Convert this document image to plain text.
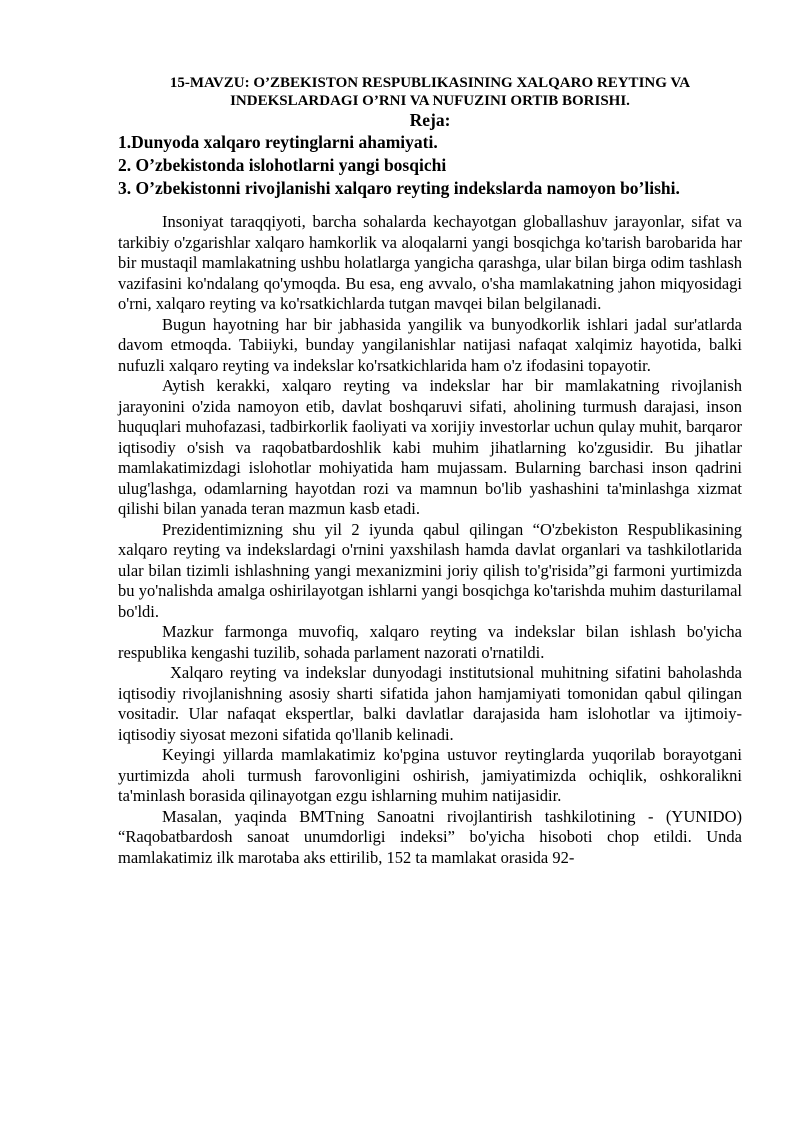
15-MAVZU: O’ZBEKISTON RESPUBLIKASINING XALQARO REYTING VA
INDEKSLARDAGI O’RNI VA NUFUZINI ORTIB BORISHI.

Reja:

1.Dunyoda xalqaro reytinglarni ahamiyati.
2. O’zbekistonda islohotlarni yangi bosqichi
3. O’zbekistonni rivojlanishi xalqaro reyting indekslarda namoyon bo’lishi.

Insoniyat taraqqiyoti, barcha sohalarda kechayotgan globallashuv jarayonlar, sifat va tarkibiy o'zgarishlar xalqaro hamkorlik va aloqalarni yangi bosqichga ko'tarish barobarida har bir mustaqil mamlakatning ushbu holatlarga yangicha qarashga, ular bilan birga odim tashlash vazifasini ko'ndalang qo'ymoqda. Bu esa, eng avvalo, o'sha mamlakatning jahon miqyosidagi o'rni, xalqaro reyting va ko'rsatkichlarda tutgan mavqei bilan belgilanadi.

Bugun hayotning har bir jabhasida yangilik va bunyodkorlik ishlari jadal sur'atlarda davom etmoqda. Tabiiyki, bunday yangilanishlar natijasi nafaqat xalqimiz hayotida, balki nufuzli xalqaro reyting va indekslar ko'rsatkichlarida ham o'z ifodasini topayotir.

Aytish kerakki, xalqaro reyting va indekslar har bir mamlakatning rivojlanish jarayonini o'zida namoyon etib, davlat boshqaruvi sifati, aholining turmush darajasi, inson huquqlari muhofazasi, tadbirkorlik faoliyati va xorijiy investorlar uchun qulay muhit, barqaror iqtisodiy o'sish va raqobatbardoshlik kabi muhim jihatlarning ko'zgusidir. Bu jihatlar mamlakatimizdagi islohotlar mohiyatida ham mujassam. Bularning barchasi inson qadrini ulug'lashga, odamlarning hayotdan rozi va mamnun bo'lib yashashini ta'minlashga xizmat qilishi bilan yanada teran mazmun kasb etadi.

Prezidentimizning shu yil 2 iyunda qabul qilingan “O'zbekiston Respublikasining xalqaro reyting va indekslardagi o'rnini yaxshilash hamda davlat organlari va tashkilotlarida ular bilan tizimli ishlashning yangi mexanizmini joriy qilish to'g'risida”gi farmoni yurtimizda bu yo'nalishda amalga oshirilayotgan ishlarni yangi bosqichga ko'tarishda muhim dasturilamal bo'ldi.

Mazkur farmonga muvofiq, xalqaro reyting va indekslar bilan ishlash bo'yicha respublika kengashi tuzilib, sohada parlament nazorati o'rnatildi.

Xalqaro reyting va indekslar dunyodagi institutsional muhitning sifatini baholashda iqtisodiy rivojlanishning asosiy sharti sifatida jahon hamjamiyati tomonidan qabul qilingan vositadir. Ular nafaqat ekspertlar, balki davlatlar darajasida ham islohotlar va ijtimoiy-iqtisodiy siyosat mezoni sifatida qo'llanib kelinadi.

Keyingi yillarda mamlakatimiz ko'pgina ustuvor reytinglarda yuqorilab borayotgani yurtimizda aholi turmush farovonligini oshirish, jamiyatimizda ochiqlik, oshkoralikni ta'minlash borasida qilinayotgan ezgu ishlarning muhim natijasidir.

Masalan, yaqinda BMTning Sanoatni rivojlantirish tashkilotining - (YUNIDO) “Raqobatbardosh sanoat unumdorligi indeksi” bo'yicha hisoboti chop etildi. Unda mamlakatimiz ilk marotaba aks ettirilib, 152 ta mamlakat orasida 92-
